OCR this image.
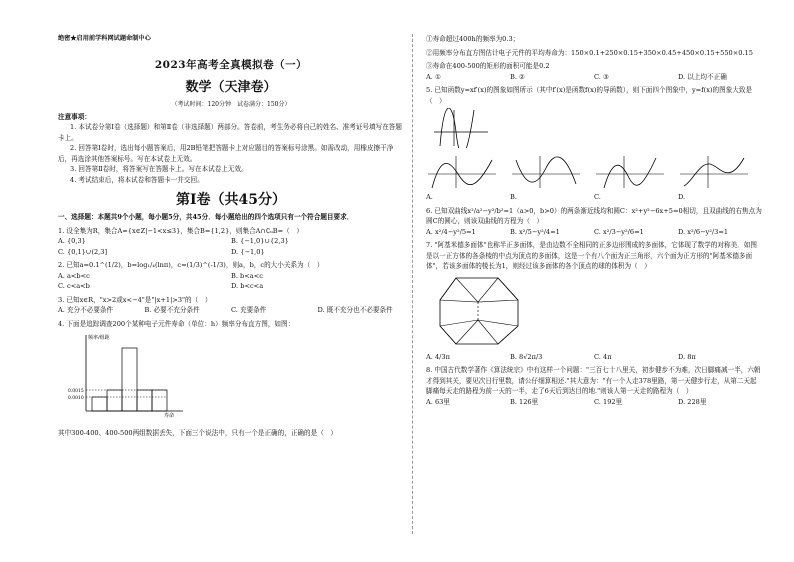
绝密★启用前学科网试题命制中心
2023年高考全真模拟卷（一）
数学（天津卷）
（考试时间：120分钟　试卷满分：150分）
注意事项：
1. 本试卷分第Ⅰ卷（选择题）和第Ⅱ卷（非选择题）两部分。答卷前，考生务必将自己的姓名、准考证号填写在答题卡上。
2. 回答第Ⅰ卷时，选出每小题答案后，用2B铅笔把答题卡上对应题目的答案标号涂黑。如需改动，用橡皮擦干净后，再选涂其他答案标号。写在本试卷上无效。
3. 回答第Ⅱ卷时，将答案写在答题卡上。写在本试卷上无效。
4. 考试结束后，将本试卷和答题卡一并交回。
第Ⅰ卷（共45分）
一、选择题：本题共9个小题，每小题5分，共45分．每小题给出的四个选项只有一个符合题目要求．
1. 设全集为R，集合A={x∈Z|−1<x≤3}，集合B={1,2}，则集合A∩∁ᵤB=（　）
A. {0,3}	B. {−1,0}∪{2,3}
C. {0,1}∪(2,3]	D. {−1,0}
2. 已知a=0.1^(1/2)，b=log₁/₄(lnπ)，c=(1/3)^(-1/3)，则a，b，c的大小关系为（　）
A. a<b<c	B. b<a<c
C. c<a<b	D. b<c<a
3. 已知x∈R，"x>2或x<−4"是"|x+1|>3"的（　）
A. 充分不必要条件	B. 必要不充分条件	C. 充要条件	D. 既不充分也不必要条件
4. 下面是追踪调查200个某种电子元件寿命（单位：h）频率分布直方图，如图：
频率/组距
寿命
0.0015
0.0010
其中300-400、400-500两组数据丢失，下面三个说法中，只有一个是正确的，正确的是（　）
①寿命超过400h的频率为0.3；
②用频率分布直方图估计电子元件的平均寿命为：150×0.1+250×0.15+350×0.45+450×0.15+550×0.15
③寿命在400-500的矩形的面积可能是0.2
A. ①	B. ②	C. ③	D. 以上均不正确
5. 已知函数y=xf′(x)的图象如图所示（其中f′(x)是函数f(x)的导函数），则下面四个图象中，y=f(x)的图象大致是（　）
A.	B.	C.	D.
6. 已知双曲线x²/a²−y²/b²=1（a>0，b>0）的两条渐近线均和圆C：x²+y²−6x+5=0相切，且双曲线的右焦点为圆C的圆心，则该双曲线的方程为（　）
A. x²/4−y²/5=1	B. x²/5−y²/4=1	C. x²/3−y²/6=1	D. x²/6−y²/3=1
7. "阿基米德多面体"也称半正多面体，是由边数不全相同的正多边形围成的多面体，它体现了数学的对称美．如图是以一正方体的各条棱的中点为顶点的多面体，这是一个有八个面为正三角形，六个面为正方形的"阿基米德多面体"，若该多面体的棱长为1，则经过该多面体的各个顶点的球的体积为（　）
A. 4/3π	B. 8√2π/3	C. 4π	D. 8π
8. 中国古代数学著作《算法统宗》中有这样一个问题："三百七十八里关，初步健步不为难，次日脚痛减一半，六朝才得到其关，要见次日行里数，请公仔细算相还."其大意为："有一个人走378里路，第一天健步行走，从第二天起脚痛每天走的路程为前一天的一半，走了6天后到达目的地."则该人第一天走的路程为（　）
A. 63里	B. 126里	C. 192里	D. 228里
